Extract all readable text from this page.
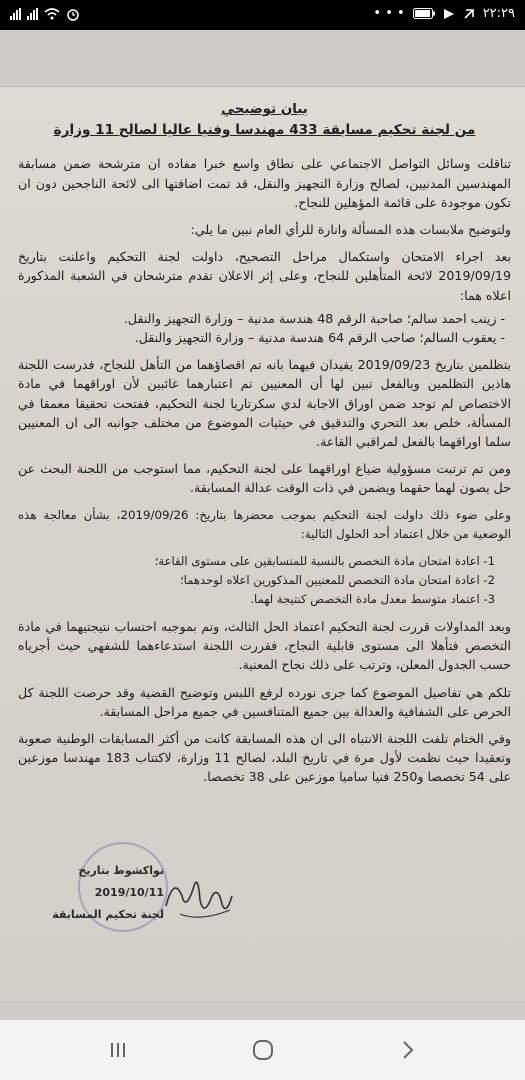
• • •	٢٢:٢٩

بيان توضيحي

من لجنة تحكيم مسابقة 433 مهندسا وفنيا عاليا لصالح 11 وزارة

تناقلت وسائل التواصل الاجتماعي على نطاق واسع خبرا مفاده ان مترشحة ضمن مسابقة المهندسين المدنيين، لصالح وزارة التجهيز والنقل، قد تمت اضافتها الى لائحة الناجحين دون ان تكون موجودة على قائمة المؤهلين للنجاح.

ولتوضيح ملابسات هذه المسألة وانارة للرأي العام نبين ما يلي:

بعد اجراء الامتحان واستكمال مراحل التصحيح، داولت لجنة التحكيم واعلنت بتاريخ 2019/09/19 لائحة المتأهلين للنجاح، وعلى إثر الاعلان تقدم مترشحان في الشعبة المذكورة اعلاه هما:

- زينب احمد سالم؛ صاحبة الرقم 48 هندسة مدنية – وزارة التجهيز والنقل.

- يعقوب السالم؛ صاحب الرقم 64 هندسة مدنية – وزارة التجهيز والنقل.

بتظلمين بتاريخ 2019/09/23 يفيدان فيهما بانه تم اقصاؤهما من التأهل للنجاح، فدرست اللجنة هاذين التظلمين وبالفعل تبين لها أن المعنيين تم اعتبارهما غائبين لأن اوراقهما في مادة الاختصاص لم توجد ضمن اوراق الاجابة لدي سكرتاريا لجنة التحكيم، ففتحت تحقيقا معمقا في المسألة، خلص بعد التحري والتدقيق في حيثيات الموضوع من مختلف جوانبه الى ان المعنيين سلما اوراقهما بالفعل لمراقبي القاعة.

ومن تم ترتبت مسؤولية ضياع اوراقهما على لجنة التحكيم، مما استوجب من اللجنة البحث عن حل يصون لهما حقهما ويضمن في ذات الوقت عدالة المسابقة.

وعلى ضوء ذلك داولت لجنة التحكيم بموجب محضرها بتاريخ: 2019/09/26، بشأن معالجة هذه الوضعية من خلال اعتماد أحد الحلول التالية:

1- اعادة امتحان مادة التخصص بالنسبة للمتسابقين على مستوى القاعة؛
2- اعادة امتحان مادة التخصص للمعنيين المذكورين اعلاه لوحدهما؛
3- اعتماد متوسط معدل مادة التخصص كنتيجة لهما.

وبعد المداولات قررت لجنة التحكيم اعتماد الحل الثالث، وتم بموجبه احتساب نتيجتيهما في مادة التخصص فتأهلا الى مستوى قابلية النجاح، فقررت اللجنة استدعاءهما للشفهي حيث أجرياه حسب الجدول المعلن، وترتب على ذلك نجاح المعنية.

تلكم هي تفاصيل الموضوع كما جرى نورده لرفع اللبس وتوضيح القضية وقد حرصت اللجنة كل الحرص على الشفافية والعدالة بين جميع المتنافسين في جميع مراحل المسابقة.

وفي الختام تلفت اللجنة الانتباه الى ان هذه المسابقة كانت من أكثر المسابقات الوطنية صعوبة وتعقيدا حيث نظمت لأول مرة في تاريخ البلد، لصالح 11 وزارة، لاكتتاب 183 مهندسا موزعين على 54 تخصصا و250 فنيا ساميا موزعين على 38 تخصصا.

نواكشوط بتاريخ 2019/10/11
لجنة تحكيم المسابقة
